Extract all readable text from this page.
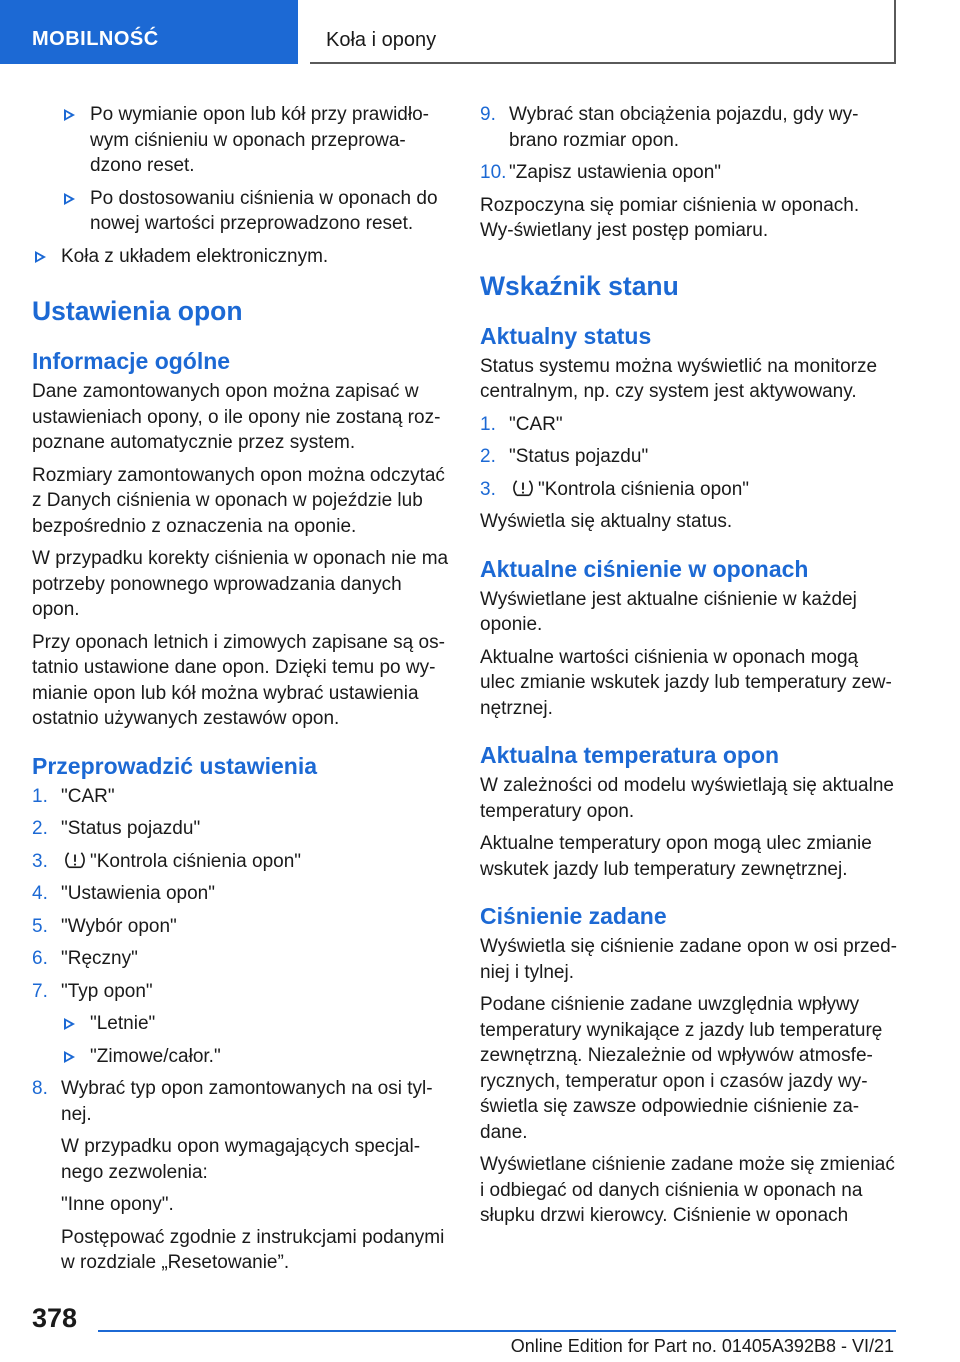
MOBILNOŚĆ	Koła i opony
Po wymianie opon lub kół przy prawidło-wym ciśnieniu w oponach przeprowa-dzono reset.
Po dostosowaniu ciśnienia w oponach do nowej wartości przeprowadzono reset.
Koła z układem elektronicznym.
Ustawienia opon
Informacje ogólne

Dane zamontowanych opon można zapisać w ustawieniach opony, o ile opony nie zostaną roz-poznane automatycznie przez system.

Rozmiary zamontowanych opon można odczytać z Danych ciśnienia w oponach w pojeździe lub bezpośrednio z oznaczenia na oponie.

W przypadku korekty ciśnienia w oponach nie ma potrzeby ponownego wprowadzania danych opon.

Przy oponach letnich i zimowych zapisane są os-tatnio ustawione dane opon. Dzięki temu po wy-mianie opon lub kół można wybrać ustawienia ostatnio używanych zestawów opon.

Przeprowadzić ustawienia
1. "CAR"
2. "Status pojazdu"
3. "Kontrola ciśnienia opon"
4. "Ustawienia opon"
5. "Wybór opon"
6. "Ręczny"
7. "Typ opon"
"Letnie"
"Zimowe/całor."
8. Wybrać typ opon zamontowanych na osi tyl-nej.
W przypadku opon wymagających specjal-nego zezwolenia:
"Inne opony".
Postępować zgodnie z instrukcjami podanymi w rozdziale „Resetowanie”.
9. Wybrać stan obciążenia pojazdu, gdy wy-brano rozmiar opon.
10. "Zapisz ustawienia opon"

Rozpoczyna się pomiar ciśnienia w oponach. Wy-świetlany jest postęp pomiaru.

Wskaźnik stanu
Aktualny status

Status systemu można wyświetlić na monitorze centralnym, np. czy system jest aktywowany.

1. "CAR"
2. "Status pojazdu"
3. "Kontrola ciśnienia opon"

Wyświetla się aktualny status.

Aktualne ciśnienie w oponach

Wyświetlane jest aktualne ciśnienie w każdej oponie.

Aktualne wartości ciśnienia w oponach mogą ulec zmianie wskutek jazdy lub temperatury zew-nętrznej.

Aktualna temperatura opon

W zależności od modelu wyświetlają się aktualne temperatury opon.

Aktualne temperatury opon mogą ulec zmianie wskutek jazdy lub temperatury zewnętrznej.

Ciśnienie zadane

Wyświetla się ciśnienie zadane opon w osi przed-niej i tylnej.

Podane ciśnienie zadane uwzględnia wpływy temperatury wynikające z jazdy lub temperaturę zewnętrzną. Niezależnie od wpływów atmosfe-rycznych, temperatur opon i czasów jazdy wy-świetla się zawsze odpowiednie ciśnienie za-dane.

Wyświetlane ciśnienie zadane może się zmieniać i odbiegać od danych ciśnienia w oponach na słupku drzwi kierowcy. Ciśnienie w oponach

378
Online Edition for Part no. 01405A392B8 - VI/21
